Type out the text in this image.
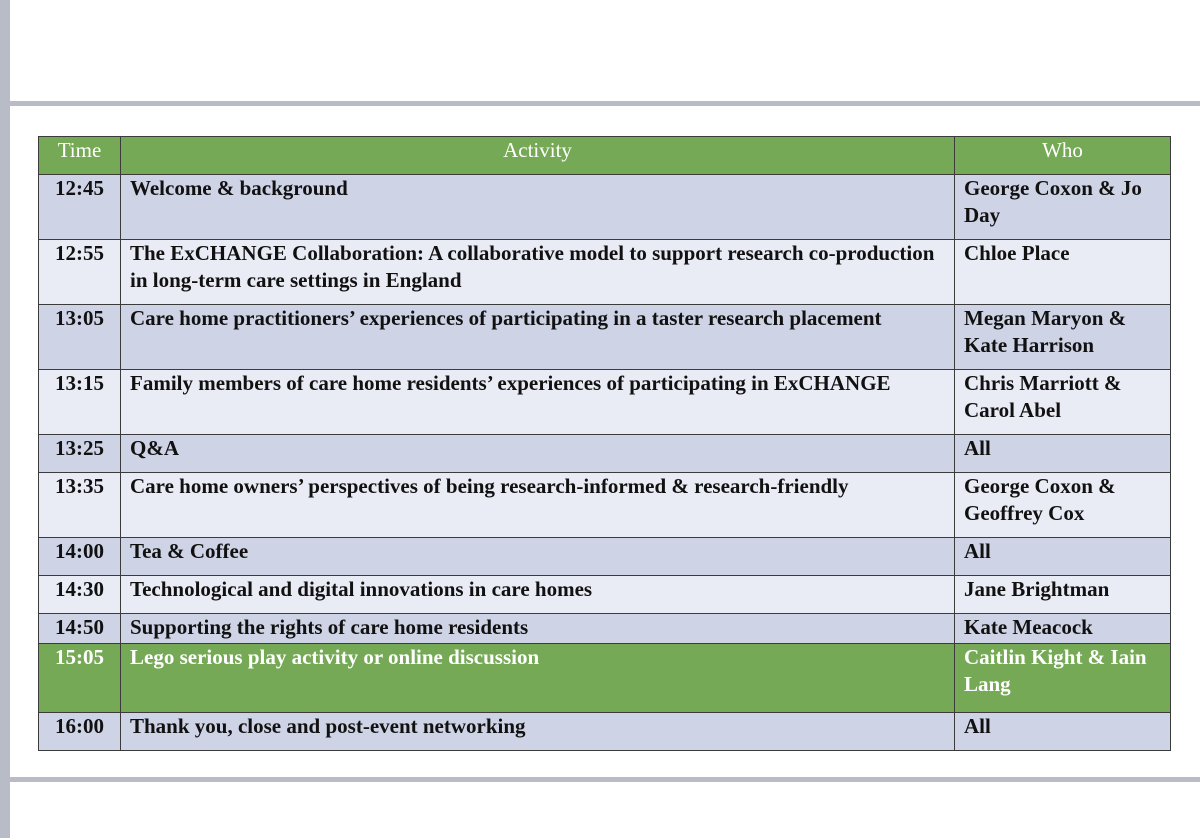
Time	Activity	Who
12:45	Welcome & background	George Coxon & Jo Day
12:55	The ExCHANGE Collaboration: A collaborative model to support research co-production in long-term care settings in England	Chloe Place
13:05	Care home practitioners’ experiences of participating in a taster research placement	Megan Maryon & Kate Harrison
13:15	Family members of care home residents’ experiences of participating in ExCHANGE	Chris Marriott & Carol Abel
13:25	Q&A	All
13:35	Care home owners’ perspectives of being research-informed & research-friendly	George Coxon & Geoffrey Cox
14:00	Tea & Coffee	All
14:30	Technological and digital innovations in care homes	Jane Brightman
14:50	Supporting the rights of care home residents	Kate Meacock
15:05	Lego serious play activity or online discussion	Caitlin Kight & Iain Lang
16:00	Thank you, close and post-event networking	All
